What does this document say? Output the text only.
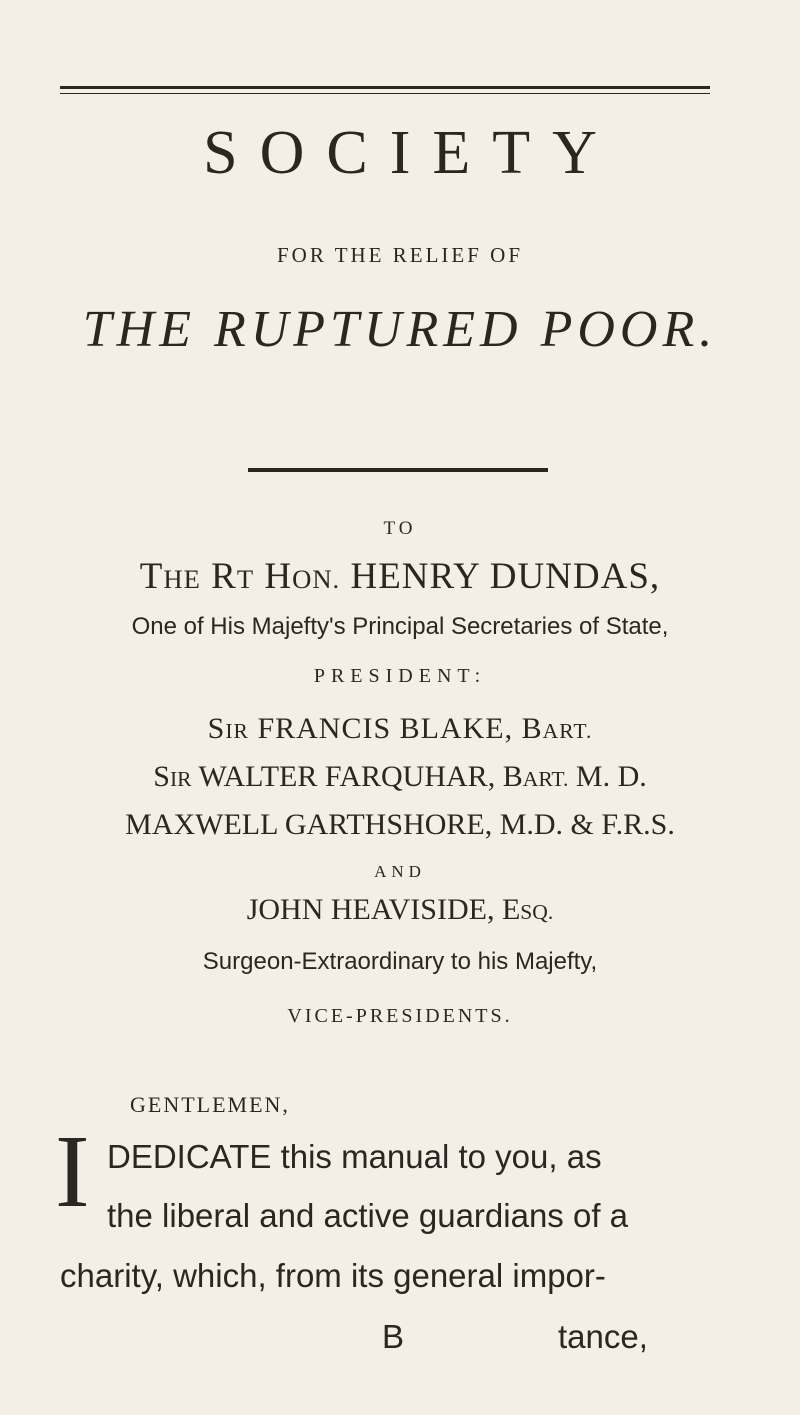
SOCIETY
FOR THE RELIEF OF
THE RUPTURED POOR.
TO
THE RT HON. HENRY DUNDAS,
One of His Majefty's Principal Secretaries of State,
PRESIDENT:
SIR FRANCIS BLAKE, BART.
SIR WALTER FARQUHAR, BART. M. D.
MAXWELL GARTHSHORE, M.D. & F.R.S.
AND
JOHN HEAVISIDE, ESQ.
Surgeon-Extraordinary to his Majefty,
VICE-PRESIDENTS.
GENTLEMEN,
I DEDICATE this manual to you, as
the liberal and active guardians of a
charity, which, from its general impor-
B	tance,
